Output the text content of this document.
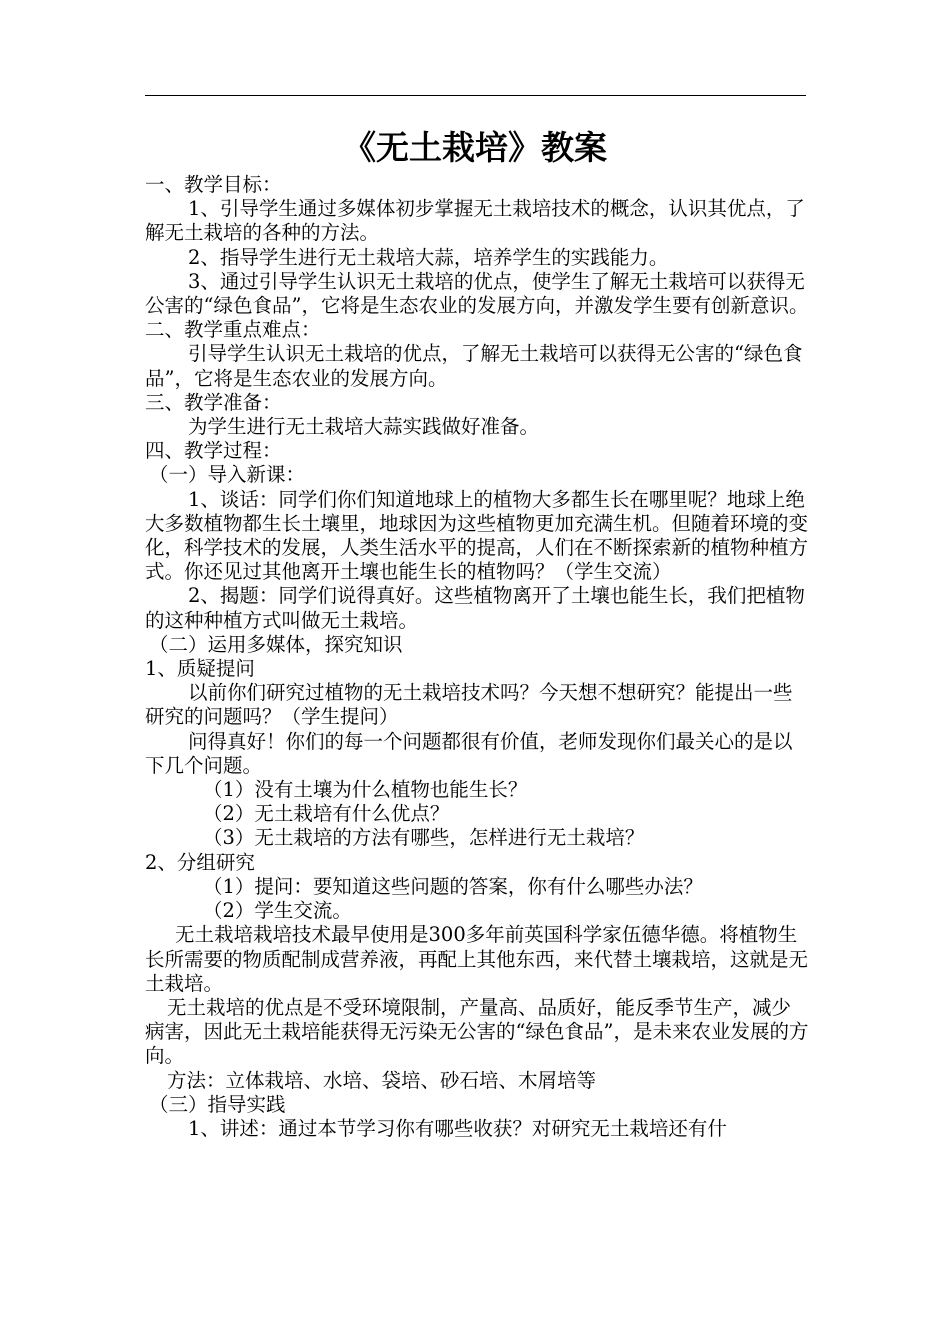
《无土栽培》教案

一、教学目标：

1、引导学生通过多媒体初步掌握无土栽培技术的概念，认识其优点，了解无土栽培的各种的方法。

2、指导学生进行无土栽培大蒜，培养学生的实践能力。

3、通过引导学生认识无土栽培的优点，使学生了解无土栽培可以获得无公害的“绿色食品”，它将是生态农业的发展方向，并激发学生要有创新意识。

二、教学重点难点：

引导学生认识无土栽培的优点，了解无土栽培可以获得无公害的“绿色食品”，它将是生态农业的发展方向。

三、教学准备：

为学生进行无土栽培大蒜实践做好准备。

四、教学过程：

（一）导入新课：

1、谈话：同学们你们知道地球上的植物大多都生长在哪里呢？地球上绝大多数植物都生长土壤里，地球因为这些植物更加充满生机。但随着环境的变化，科学技术的发展，人类生活水平的提高，人们在不断探索新的植物种植方式。你还见过其他离开土壤也能生长的植物吗？（学生交流）

2、揭题：同学们说得真好。这些植物离开了土壤也能生长，我们把植物的这种种植方式叫做无土栽培。

（二）运用多媒体，探究知识

1、质疑提问

以前你们研究过植物的无土栽培技术吗？今天想不想研究？能提出一些研究的问题吗？（学生提问）

问得真好！你们的每一个问题都很有价值，老师发现你们最关心的是以下几个问题。

（1）没有土壤为什么植物也能生长？

（2）无土栽培有什么优点？

（3）无土栽培的方法有哪些，怎样进行无土栽培？

2、分组研究

（1）提问：要知道这些问题的答案，你有什么哪些办法？

（2）学生交流。

无土栽培栽培技术最早使用是300多年前英国科学家伍德华德。将植物生长所需要的物质配制成营养液，再配上其他东西，来代替土壤栽培，这就是无土栽培。

无土栽培的优点是不受环境限制，产量高、品质好，能反季节生产，减少病害，因此无土栽培能获得无污染无公害的“绿色食品”，是未来农业发展的方向。

方法：立体栽培、水培、袋培、砂石培、木屑培等

（三）指导实践

1、讲述：通过本节学习你有哪些收获？对研究无土栽培还有什
